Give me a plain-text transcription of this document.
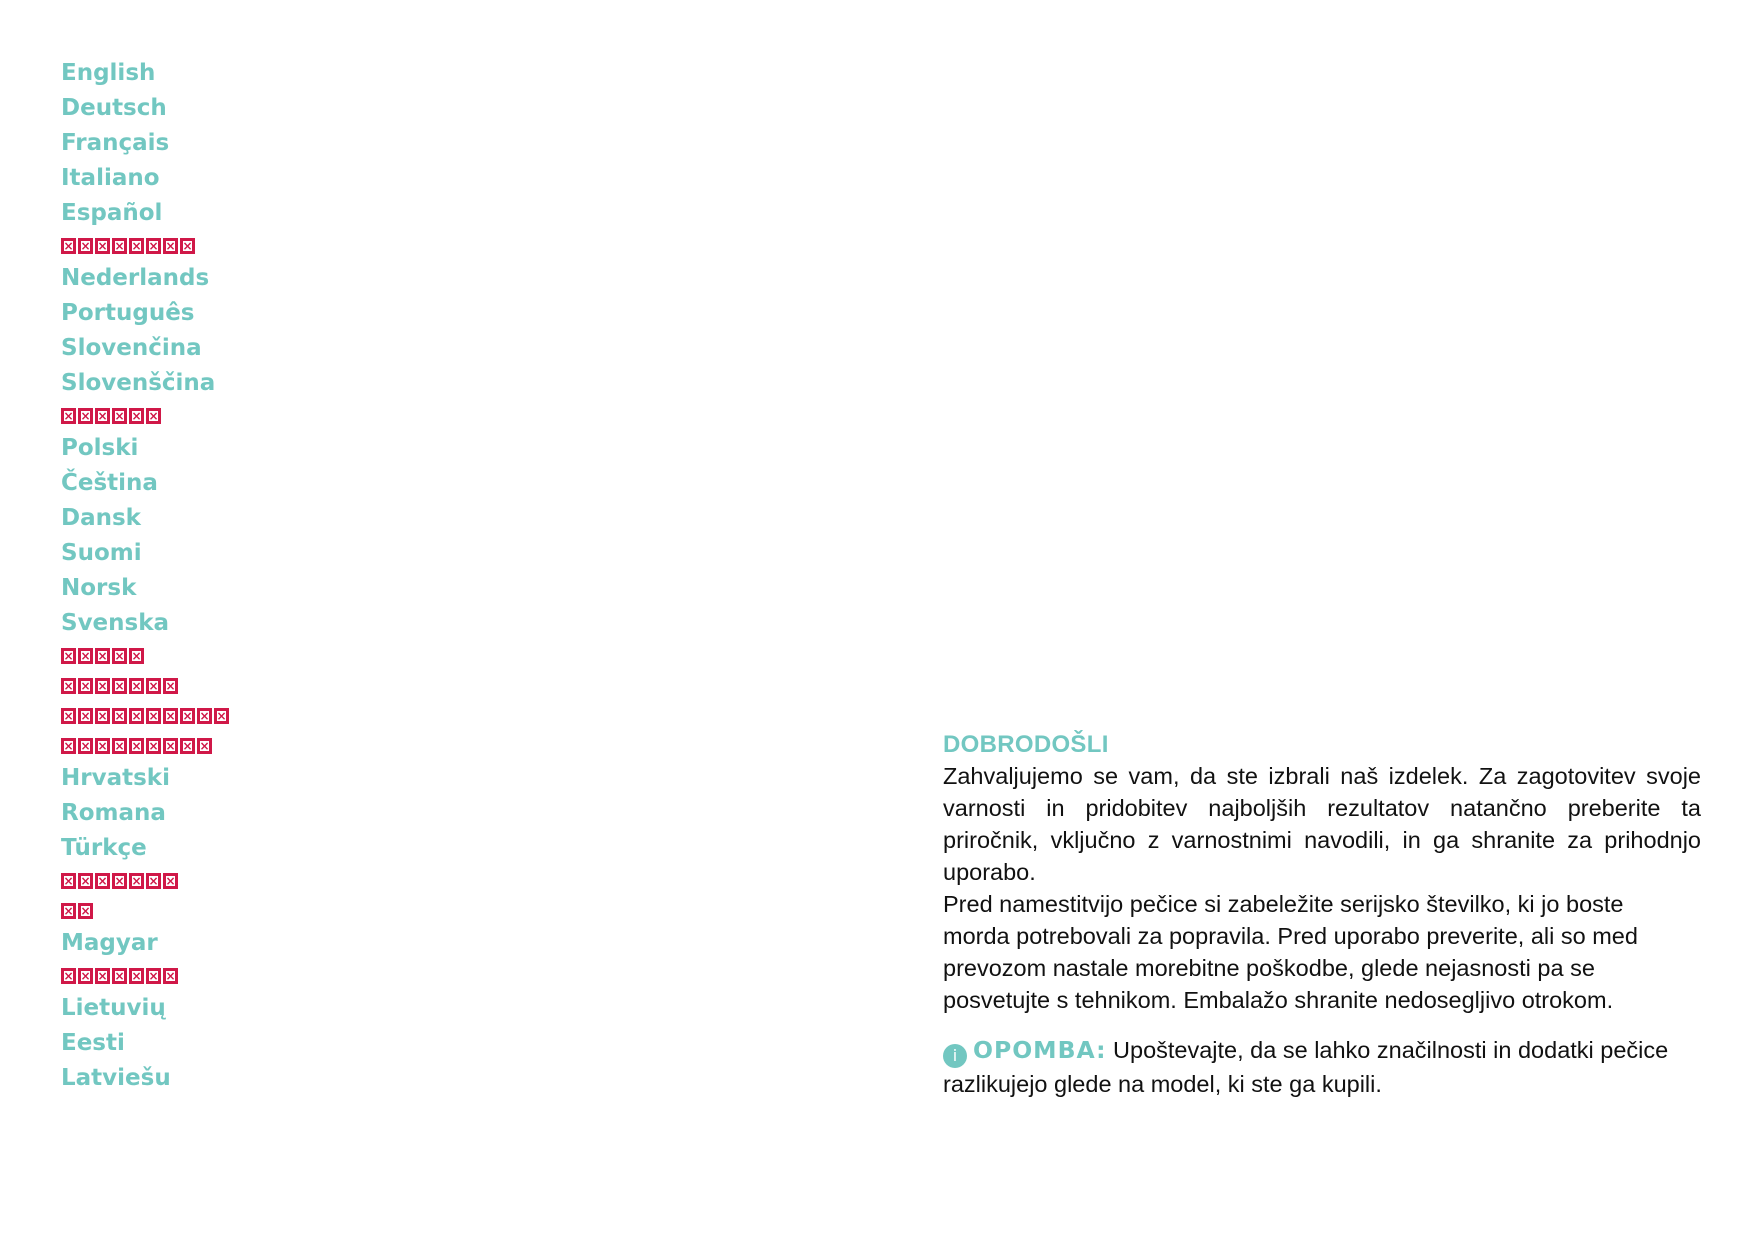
English
Deutsch
Français
Italiano
Español
×
×
×
×
×
×
×
×
Nederlands
Português
Slovenčina
Slovenščina
×
×
×
×
×
×
Polski
Čeština
Dansk
Suomi
Norsk
Svenska
×
×
×
×
×
×
×
×
×
×
×
×
×
×
×
×
×
×
×
×
×
×
×
×
×
×
×
×
×
×
×
Hrvatski
Romana
Türkçe
×
×
×
×
×
×
×
×
×
Magyar
×
×
×
×
×
×
×
Lietuvių
Eesti
Latviešu
DOBRODOŠLI
Zahvaljujemo se vam, da ste izbrali naš izdelek. Za zagotovitev svoje
varnosti in pridobitev najboljših rezultatov natančno preberite ta
priročnik, vključno z varnostnimi navodili, in ga shranite za prihodnjo
uporabo.
Pred namestitvijo pečice si zabeležite serijsko številko, ki jo boste
morda potrebovali za popravila. Pred uporabo preverite, ali so med
prevozom nastale morebitne poškodbe, glede nejasnosti pa se
posvetujte s tehnikom. Embalažo shranite nedosegljivo otrokom.
i OPOMBA: Upoštevajte, da se lahko značilnosti in dodatki pečice
razlikujejo glede na model, ki ste ga kupili.
